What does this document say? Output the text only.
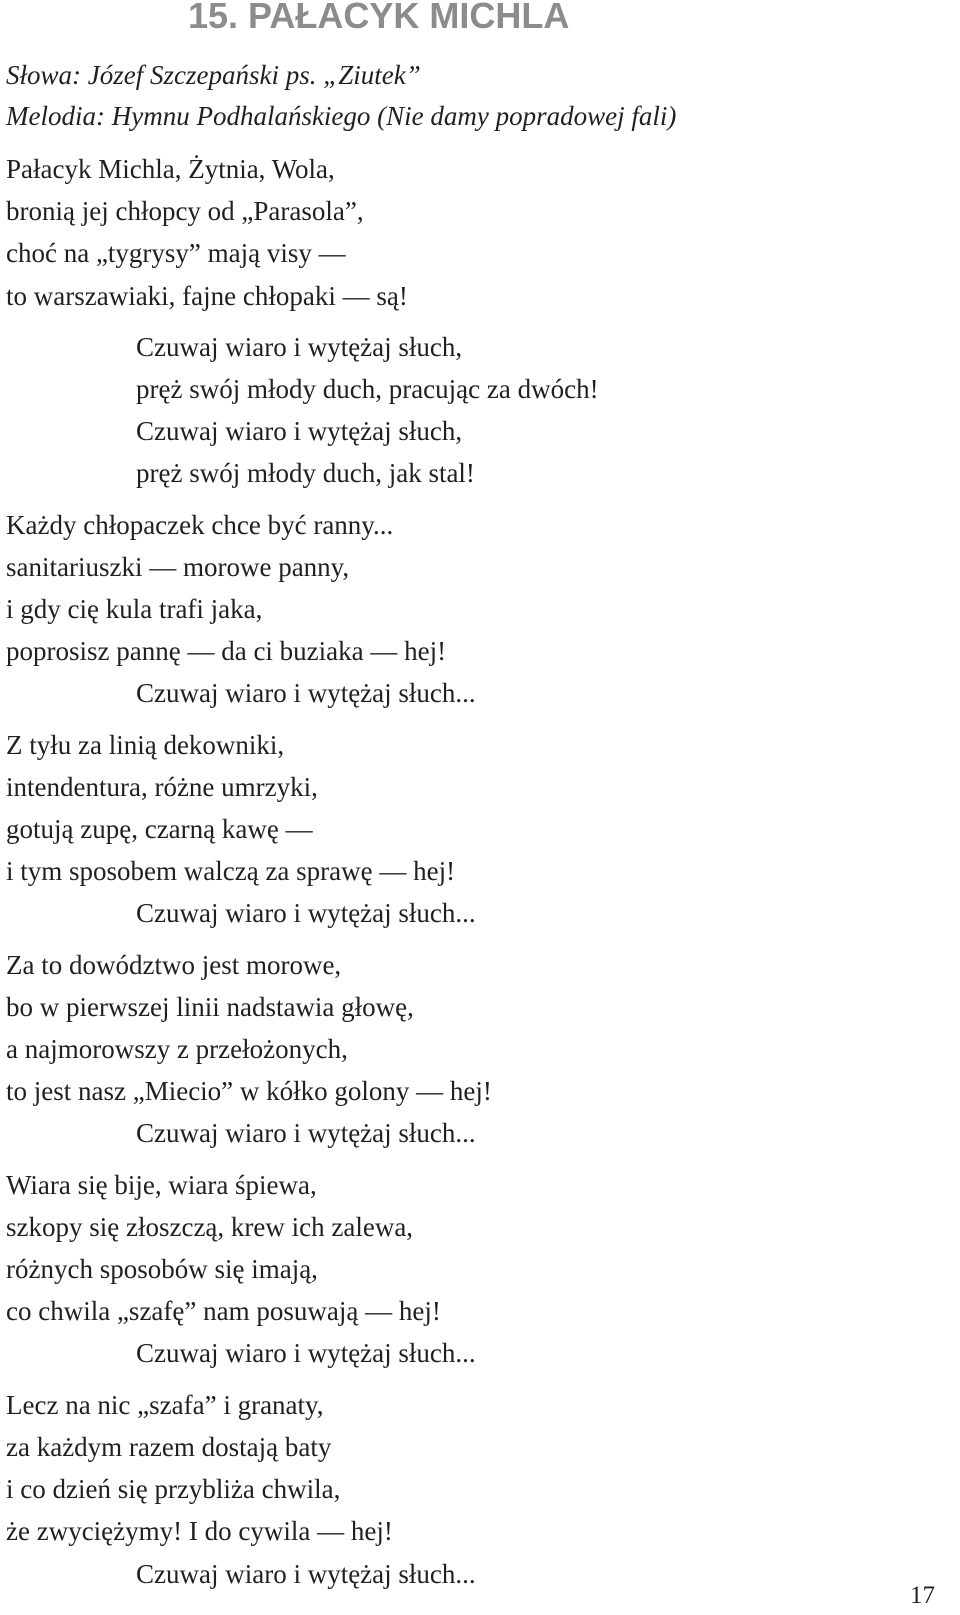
15. PAŁACYK MICHLA
Słowa: Józef Szczepański ps. „Ziutek”
Melodia: Hymnu Podhalańskiego (Nie damy popradowej fali)
Pałacyk Michla, Żytnia, Wola,
bronią jej chłopcy od „Parasola”,
choć na „tygrysy” mają visy —
to warszawiaki, fajne chłopaki — są!
Czuwaj wiaro i wytężaj słuch,
pręż swój młody duch, pracując za dwóch!
Czuwaj wiaro i wytężaj słuch,
pręż swój młody duch, jak stal!
Każdy chłopaczek chce być ranny...
sanitariuszki — morowe panny,
i gdy cię kula trafi jaka,
poprosisz pannę — da ci buziaka — hej!
Czuwaj wiaro i wytężaj słuch...
Z tyłu za linią dekowniki,
intendentura, różne umrzyki,
gotują zupę, czarną kawę —
i tym sposobem walczą za sprawę — hej!
Czuwaj wiaro i wytężaj słuch...
Za to dowództwo jest morowe,
bo w pierwszej linii nadstawia głowę,
a najmorowszy z przełożonych,
to jest nasz „Miecio” w kółko golony — hej!
Czuwaj wiaro i wytężaj słuch...
Wiara się bije, wiara śpiewa,
szkopy się złoszczą, krew ich zalewa,
różnych sposobów się imają,
co chwila „szafę” nam posuwają — hej!
Czuwaj wiaro i wytężaj słuch...
Lecz na nic „szafa” i granaty,
za każdym razem dostają baty
i co dzień się przybliża chwila,
że zwyciężymy! I do cywila — hej!
Czuwaj wiaro i wytężaj słuch...
17
